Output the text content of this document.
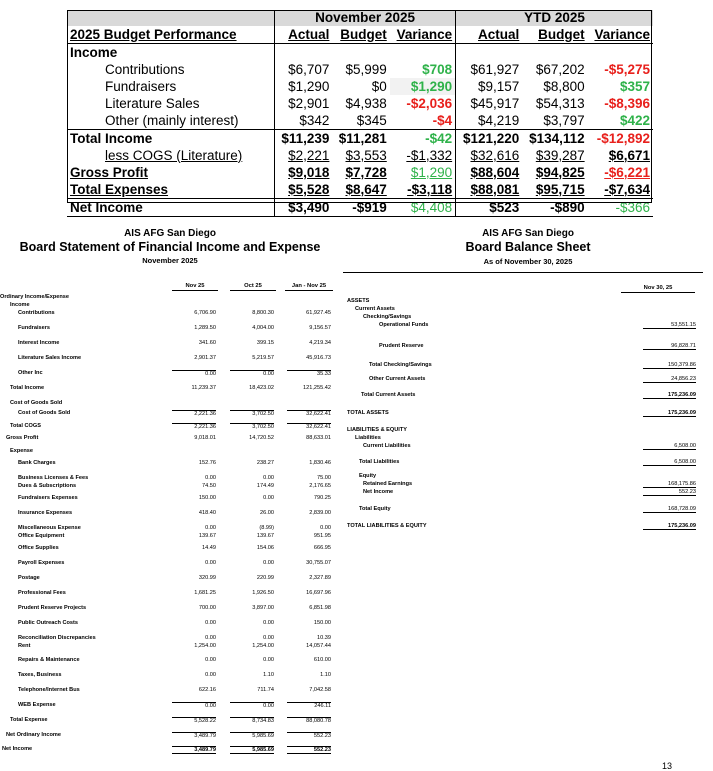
	November 2025			YTD 2025		
2025 Budget Performance	Actual	Budget	Variance	Actual	Budget	Variance
Income						
Contributions	$6,707	$5,999	$708	$61,927	$67,202	-$5,275
Fundraisers	$1,290	$0	$1,290	$9,157	$8,800	$357
Literature Sales	$2,901	$4,938	-$2,036	$45,917	$54,313	-$8,396
Other (mainly interest)	$342	$345	-$4	$4,219	$3,797	$422
Total Income	$11,239	$11,281	-$42	$121,220	$134,112	-$12,892
less COGS (Literature)	$2,221	$3,553	-$1,332	$32,616	$39,287	$6,671
Gross Profit	$9,018	$7,728	$1,290	$88,604	$94,825	-$6,221
Total Expenses	$5,528	$8,647	-$3,118	$88,081	$95,715	-$7,634
Net Income	$3,490	-$919	$4,408	$523	-$890	-$366
AIS AFG San Diego
Board Statement of Financial Income and Expense
November 2025
Nov 25	Oct 25	Jan - Nov 25
Ordinary Income/Expense
Income
Contributions	6,706.90	8,800.30	61,927.45
Fundraisers	1,289.50	4,004.00	9,156.57
Interest Income	341.60	399.15	4,219.34
Literature Sales Income	2,901.37	5,219.57	45,916.73
Other Inc	0.00	0.00	35.33
Total Income	11,239.37	18,423.02	121,255.42
Cost of Goods Sold
Cost of Goods Sold	2,221.36	3,702.50	32,622.41
Total COGS	2,221.36	3,702.50	32,622.41
Gross Profit	9,018.01	14,720.52	88,633.01
Expense
Bank Charges	152.76	238.27	1,830.46
Business Licenses & Fees	0.00	0.00	75.00
Dues & Subscriptions	74.50	174.49	2,176.65
Fundraisers Expenses	150.00	0.00	790.25
Insurance Expenses	418.40	26.00	2,839.00
Miscellaneous Expense	0.00	(8.99)	0.00
Office Equipment	139.67	139.67	951.95
Office Supplies	14.49	154.06	666.95
Payroll Expenses	0.00	0.00	30,755.07
Postage	320.99	220.99	2,327.89
Professional Fees	1,681.25	1,926.50	16,697.96
Prudent Reserve Projects	700.00	3,897.00	6,851.98
Public Outreach Costs	0.00	0.00	150.00
Reconciliation Discrepancies	0.00	0.00	10.39
Rent	1,254.00	1,254.00	14,057.44
Repairs & Maintenance	0.00	0.00	610.00
Taxes, Business	0.00	1.10	1.10
Telephone/Internet Bus	622.16	711.74	7,042.58
WEB Expense	0.00	0.00	246.11
Total Expense	5,528.22	8,734.83	88,080.78
Net Ordinary Income	3,489.79	5,985.69	552.23
Net Income	3,489.79	5,985.69	552.23
AIS AFG San Diego
Board Balance Sheet
As of November 30, 2025
Nov 30, 25
ASSETS
Current Assets
Checking/Savings
Operational Funds	53,551.15
Prudent Reserve	96,828.71
Total Checking/Savings	150,379.86
Other Current Assets	24,856.23
Total Current Assets	175,236.09
TOTAL ASSETS	175,236.09
LIABILITIES & EQUITY
Liabilities
Current Liabilities	6,508.00
Total Liabilities	6,508.00
Equity
Retained Earnings	168,175.86
Net Income	552.23
Total Equity	168,728.09
TOTAL LIABILITIES & EQUITY	175,236.09
13
